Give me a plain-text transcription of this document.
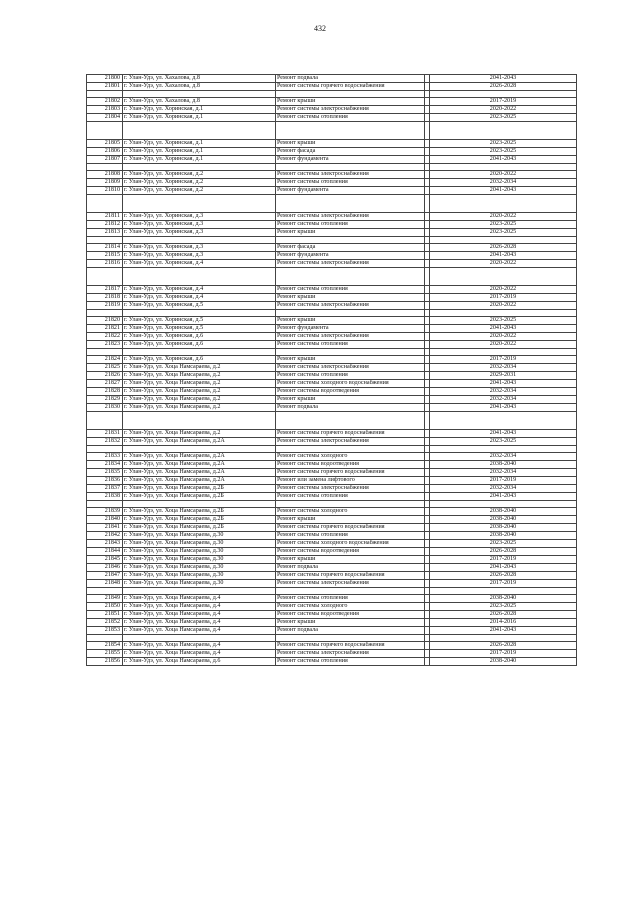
432
21800	г. Улан-Удэ, ул. Хахалова, д.8	Ремонт подвала		2041-2043
21801	г. Улан-Удэ, ул. Хахалова, д.8	Ремонт системы горячего водоснабжения		2026-2028

21802	г. Улан-Удэ, ул. Хахалова, д.8	Ремонт крыши		2017-2019
21803	г. Улан-Удэ, ул. Хоринская, д.1	Ремонт системы электроснабжения		2020-2022
21804	г. Улан-Удэ, ул. Хоринская, д.1	Ремонт системы отопления		2023-2025

21805	г. Улан-Удэ, ул. Хоринская, д.1	Ремонт крыши		2023-2025
21806	г. Улан-Удэ, ул. Хоринская, д.1	Ремонт фасада		2023-2025
21807	г. Улан-Удэ, ул. Хоринская, д.1	Ремонт фундамента		2041-2043

21808	г. Улан-Удэ, ул. Хоринская, д.2	Ремонт системы электроснабжения		2020-2022
21809	г. Улан-Удэ, ул. Хоринская, д.2	Ремонт системы отопления		2032-2034
21810	г. Улан-Удэ, ул. Хоринская, д.2	Ремонт фундамента		2041-2043

21811	г. Улан-Удэ, ул. Хоринская, д.3	Ремонт системы электроснабжения		2020-2022
21812	г. Улан-Удэ, ул. Хоринская, д.3	Ремонт системы отопления		2023-2025
21813	г. Улан-Удэ, ул. Хоринская, д.3	Ремонт крыши		2023-2025

21814	г. Улан-Удэ, ул. Хоринская, д.3	Ремонт фасада		2026-2028
21815	г. Улан-Удэ, ул. Хоринская, д.3	Ремонт фундамента		2041-2043
21816	г. Улан-Удэ, ул. Хоринская, д.4	Ремонт системы электроснабжения		2020-2022

21817	г. Улан-Удэ, ул. Хоринская, д.4	Ремонт системы отопления		2020-2022
21818	г. Улан-Удэ, ул. Хоринская, д.4	Ремонт крыши		2017-2019
21819	г. Улан-Удэ, ул. Хоринская, д.5	Ремонт системы электроснабжения		2020-2022

21820	г. Улан-Удэ, ул. Хоринская, д.5	Ремонт крыши		2023-2025
21821	г. Улан-Удэ, ул. Хоринская, д.5	Ремонт фундамента		2041-2043
21822	г. Улан-Удэ, ул. Хоринская, д.6	Ремонт системы электроснабжения		2020-2022
21823	г. Улан-Удэ, ул. Хоринская, д.6	Ремонт системы отопления		2020-2022

21824	г. Улан-Удэ, ул. Хоринская, д.6	Ремонт крыши		2017-2019
21825	г. Улан-Удэ, ул. Хоца Намсараева, д.2	Ремонт системы электроснабжения		2032-2034
21826	г. Улан-Удэ, ул. Хоца Намсараева, д.2	Ремонт системы отопления		2029-2031
21827	г. Улан-Удэ, ул. Хоца Намсараева, д.2	Ремонт системы холодного водоснабжения		2041-2043
21828	г. Улан-Удэ, ул. Хоца Намсараева, д.2	Ремонт системы водоотведения		2032-2034
21829	г. Улан-Удэ, ул. Хоца Намсараева, д.2	Ремонт крыши		2032-2034
21830	г. Улан-Удэ, ул. Хоца Намсараева, д.2	Ремонт подвала		2041-2043

21831	г. Улан-Удэ, ул. Хоца Намсараева, д.2	Ремонт системы горячего водоснабжения		2041-2043
21832	г. Улан-Удэ, ул. Хоца Намсараева, д.2А	Ремонт системы электроснабжения		2023-2025

21833	г. Улан-Удэ, ул. Хоца Намсараева, д.2А	Ремонт системы холодного		2032-2034
21834	г. Улан-Удэ, ул. Хоца Намсараева, д.2А	Ремонт системы водоотведения		2038-2040
21835	г. Улан-Удэ, ул. Хоца Намсараева, д.2А	Ремонт системы горячего водоснабжения		2032-2034
21836	г. Улан-Удэ, ул. Хоца Намсараева, д.2А	Ремонт или замена лифтового		2017-2019
21837	г. Улан-Удэ, ул. Хоца Намсараева, д.2Б	Ремонт системы электроснабжения		2032-2034
21838	г. Улан-Удэ, ул. Хоца Намсараева, д.2Б	Ремонт системы отопления		2041-2043

21839	г. Улан-Удэ, ул. Хоца Намсараева, д.2Б	Ремонт системы холодного		2038-2040
21840	г. Улан-Удэ, ул. Хоца Намсараева, д.2Б	Ремонт крыши		2038-2040
21841	г. Улан-Удэ, ул. Хоца Намсараева, д.2Б	Ремонт системы горячего водоснабжения		2038-2040
21842	г. Улан-Удэ, ул. Хоца Намсараева, д.30	Ремонт системы отопления		2038-2040
21843	г. Улан-Удэ, ул. Хоца Намсараева, д.30	Ремонт системы холодного водоснабжения		2023-2025
21844	г. Улан-Удэ, ул. Хоца Намсараева, д.30	Ремонт системы водоотведения		2026-2028
21845	г. Улан-Удэ, ул. Хоца Намсараева, д.30	Ремонт крыши		2017-2019
21846	г. Улан-Удэ, ул. Хоца Намсараева, д.30	Ремонт подвала		2041-2043
21847	г. Улан-Удэ, ул. Хоца Намсараева, д.30	Ремонт системы горячего водоснабжения		2026-2028
21848	г. Улан-Удэ, ул. Хоца Намсараева, д.30	Ремонт системы электроснабжения		2017-2019

21849	г. Улан-Удэ, ул. Хоца Намсараева, д.4	Ремонт системы отопления		2038-2040
21850	г. Улан-Удэ, ул. Хоца Намсараева, д.4	Ремонт системы холодного		2023-2025
21851	г. Улан-Удэ, ул. Хоца Намсараева, д.4	Ремонт системы водоотведения		2026-2028
21852	г. Улан-Удэ, ул. Хоца Намсараева, д.4	Ремонт крыши		2014-2016
21853	г. Улан-Удэ, ул. Хоца Намсараева, д.4	Ремонт подвала		2041-2043

21854	г. Улан-Удэ, ул. Хоца Намсараева, д.4	Ремонт системы горячего водоснабжения		2026-2028
21855	г. Улан-Удэ, ул. Хоца Намсараева, д.4	Ремонт системы электроснабжения		2017-2019
21856	г. Улан-Удэ, ул. Хоца Намсараева, д.6	Ремонт системы отопления		2038-2040
